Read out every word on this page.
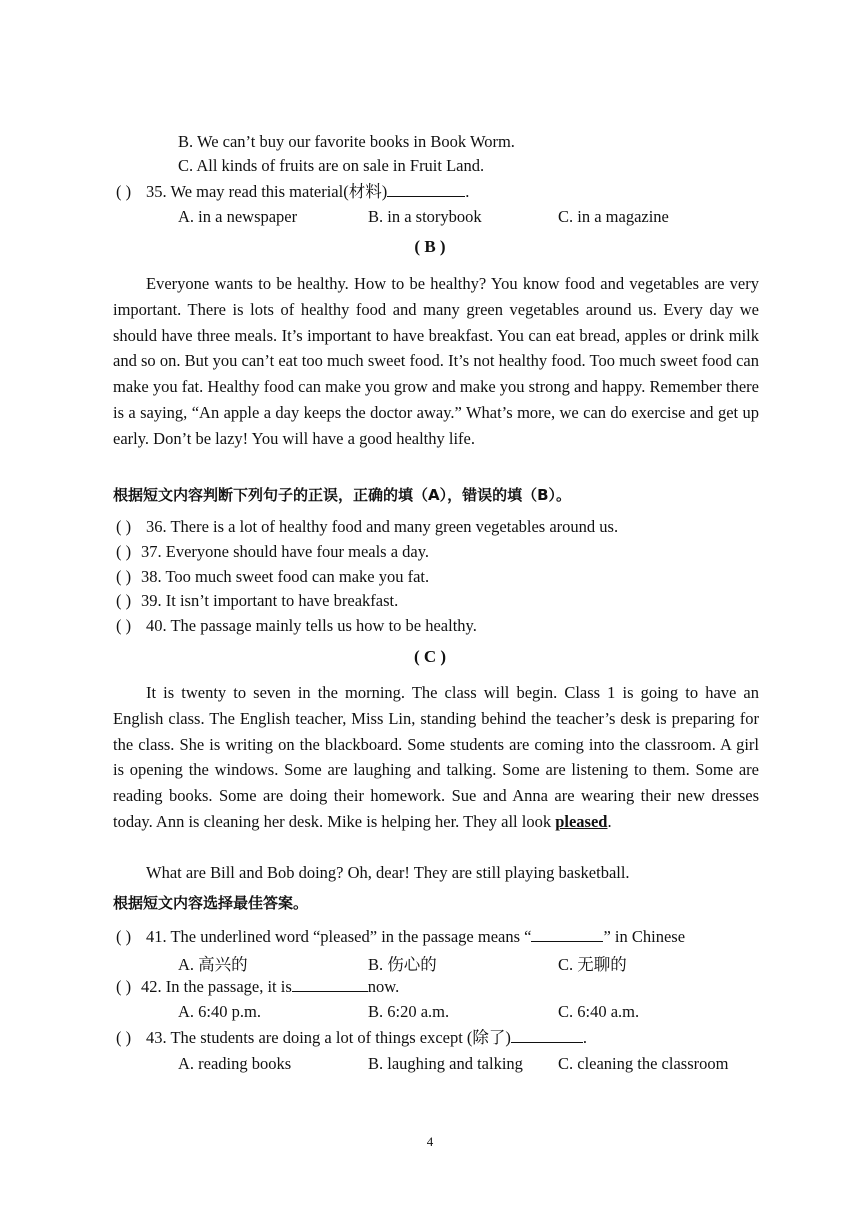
B. We can’t buy our favorite books in Book Worm.
C. All kinds of fruits are on sale in Fruit Land.
( ) 35. We may read this material(材料)	.
A. in a newspaper	B. in a storybook	C. in a magazine
( B )
Everyone wants to be healthy. How to be healthy? You know food and vegetables are very important. There is lots of healthy food and many green vegetables around us. Every day we should have three meals. It’s important to have breakfast. You can eat bread, apples or drink milk and so on. But you can’t eat too much sweet food. It’s not healthy food. Too much sweet food can make you fat. Healthy food can make you grow and make you strong and happy. Remember there is a saying, “An apple a day keeps the doctor away.” What’s more, we can do exercise and get up early. Don’t be lazy! You will have a good healthy life.
根据短文内容判断下列句子的正误，正确的填（A），错误的填（B）。
( ) 36. There is a lot of healthy food and many green vegetables around us.
( ) 37. Everyone should have four meals a day.
( ) 38. Too much sweet food can make you fat.
( ) 39. It isn’t important to have breakfast.
( ) 40. The passage mainly tells us how to be healthy.
( C )
It is twenty to seven in the morning. The class will begin. Class 1 is going to have an English class. The English teacher, Miss Lin, standing behind the teacher’s desk is preparing for the class. She is writing on the blackboard. Some students are coming into the classroom. A girl is opening the windows. Some are laughing and talking. Some are listening to them. Some are reading books. Some are doing their homework. Sue and Anna are wearing their new dresses today. Ann is cleaning her desk. Mike is helping her. They all look pleased.
What are Bill and Bob doing? Oh, dear! They are still playing basketball.
根据短文内容选择最佳答案。
( ) 41. The underlined word “pleased” in the passage means “	” in Chinese
A. 高兴的	B. 伤心的	C. 无聊的
( ) 42. In the passage, it is	now.
A. 6:40 p.m.	B. 6:20 a.m.	C. 6:40 a.m.
( ) 43. The students are doing a lot of things except (除了)	.
A. reading books	B. laughing and talking C. cleaning the classroom
4
